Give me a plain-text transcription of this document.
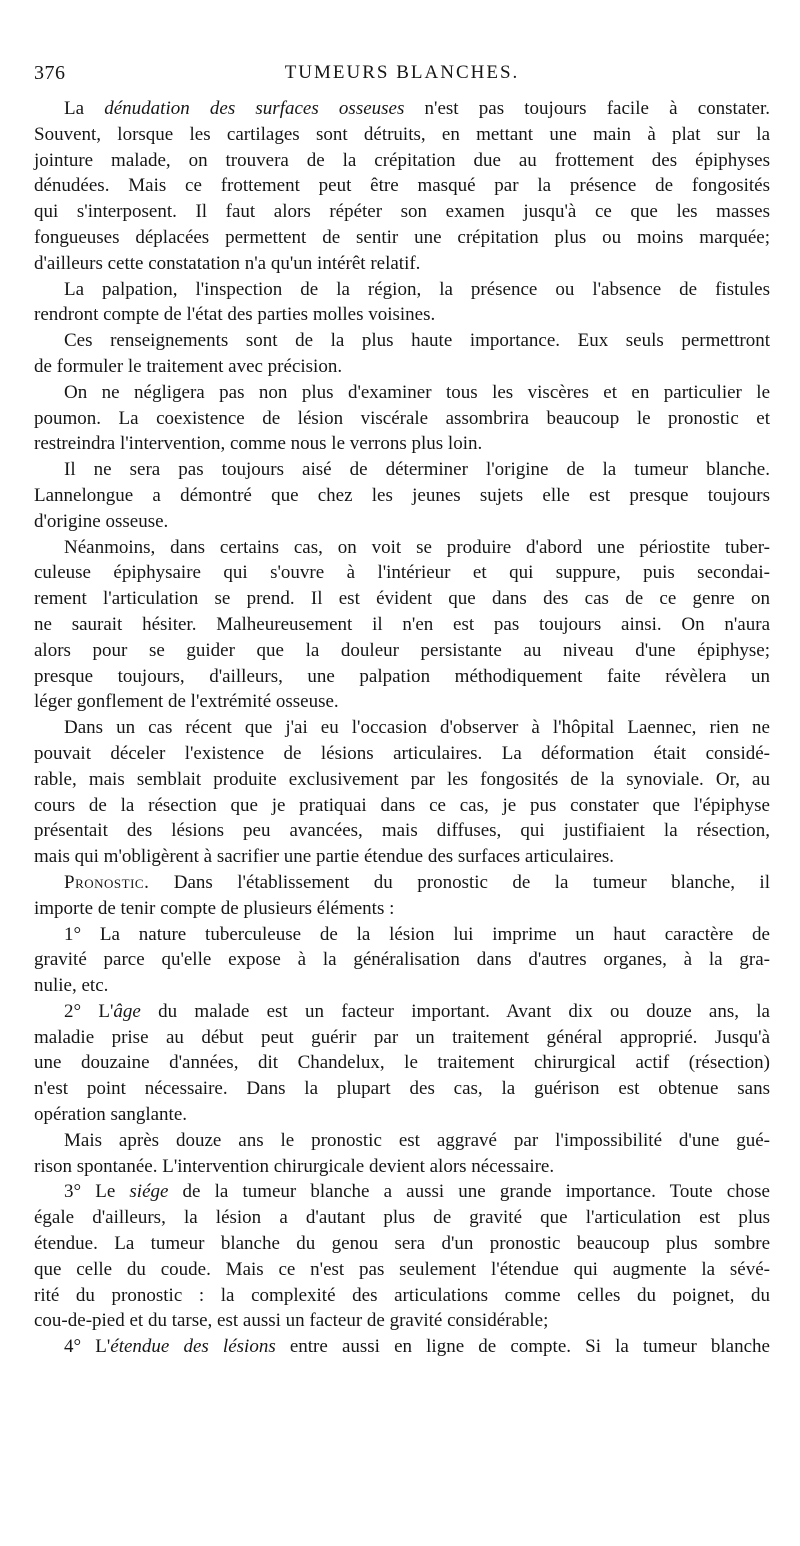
376	TUMEURS BLANCHES.

La dénudation des surfaces osseuses n'est pas toujours facile à constater.
Souvent, lorsque les cartilages sont détruits, en mettant une main à plat sur la
jointure malade, on trouvera de la crépitation due au frottement des épiphyses
dénudées. Mais ce frottement peut être masqué par la présence de fongosités
qui s'interposent. Il faut alors répéter son examen jusqu'à ce que les masses
fongueuses déplacées permettent de sentir une crépitation plus ou moins marquée;
d'ailleurs cette constatation n'a qu'un intérêt relatif.

La palpation, l'inspection de la région, la présence ou l'absence de fistules
rendront compte de l'état des parties molles voisines.

Ces renseignements sont de la plus haute importance. Eux seuls permettront
de formuler le traitement avec précision.

On ne négligera pas non plus d'examiner tous les viscères et en particulier le
poumon. La coexistence de lésion viscérale assombrira beaucoup le pronostic et
restreindra l'intervention, comme nous le verrons plus loin.

Il ne sera pas toujours aisé de déterminer l'origine de la tumeur blanche.
Lannelongue a démontré que chez les jeunes sujets elle est presque toujours
d'origine osseuse.

Néanmoins, dans certains cas, on voit se produire d'abord une périostite tuber-
culeuse épiphysaire qui s'ouvre à l'intérieur et qui suppure, puis secondai-
rement l'articulation se prend. Il est évident que dans des cas de ce genre on
ne saurait hésiter. Malheureusement il n'en est pas toujours ainsi. On n'aura
alors pour se guider que la douleur persistante au niveau d'une épiphyse;
presque toujours, d'ailleurs, une palpation méthodiquement faite révèlera un
léger gonflement de l'extrémité osseuse.

Dans un cas récent que j'ai eu l'occasion d'observer à l'hôpital Laennec, rien ne
pouvait déceler l'existence de lésions articulaires. La déformation était considé-
rable, mais semblait produite exclusivement par les fongosités de la synoviale. Or, au
cours de la résection que je pratiquai dans ce cas, je pus constater que l'épiphyse
présentait des lésions peu avancées, mais diffuses, qui justifiaient la résection,
mais qui m'obligèrent à sacrifier une partie étendue des surfaces articulaires.

Pronostic. Dans l'établissement du pronostic de la tumeur blanche, il
importe de tenir compte de plusieurs éléments :

1° La nature tuberculeuse de la lésion lui imprime un haut caractère de
gravité parce qu'elle expose à la généralisation dans d'autres organes, à la gra-
nulie, etc.

2° L'âge du malade est un facteur important. Avant dix ou douze ans, la
maladie prise au début peut guérir par un traitement général approprié. Jusqu'à
une douzaine d'années, dit Chandelux, le traitement chirurgical actif (résection)
n'est point nécessaire. Dans la plupart des cas, la guérison est obtenue sans
opération sanglante.

Mais après douze ans le pronostic est aggravé par l'impossibilité d'une gué-
rison spontanée. L'intervention chirurgicale devient alors nécessaire.

3° Le siége de la tumeur blanche a aussi une grande importance. Toute chose
égale d'ailleurs, la lésion a d'autant plus de gravité que l'articulation est plus
étendue. La tumeur blanche du genou sera d'un pronostic beaucoup plus sombre
que celle du coude. Mais ce n'est pas seulement l'étendue qui augmente la sévé-
rité du pronostic : la complexité des articulations comme celles du poignet, du
cou-de-pied et du tarse, est aussi un facteur de gravité considérable;

4° L'étendue des lésions entre aussi en ligne de compte. Si la tumeur blanche
